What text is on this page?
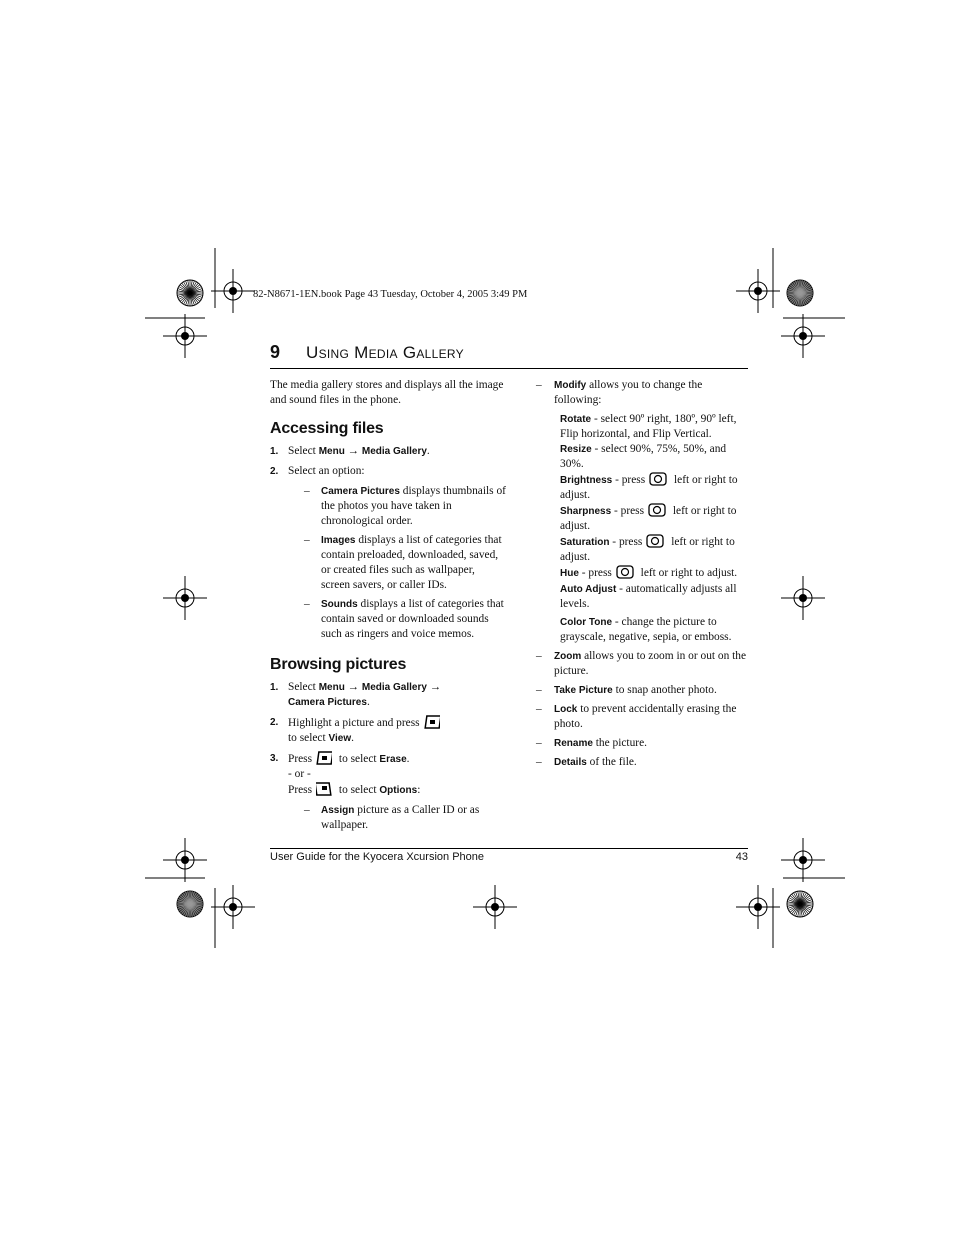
82-N8671-1EN.book Page 43 Tuesday, October 4, 2005 3:49 PM
9 Using Media Gallery

The media gallery stores and displays all the image and sound files in the phone.

Accessing files
1. Select Menu → Media Gallery.
2. Select an option:
– Camera Pictures displays thumbnails of the photos you have taken in chronological order.
– Images displays a list of categories that contain preloaded, downloaded, saved, or created files such as wallpaper, screen savers, or caller IDs.
– Sounds displays a list of categories that contain saved or downloaded sounds such as ringers and voice memos.
Browsing pictures
1. Select Menu → Media Gallery →
Camera Pictures.
2. Highlight a picture and press
to select View.
3. Press to select Erase.
- or -
Press to select Options:
– Assign picture as a Caller ID or as wallpaper.
– Modify allows you to change the following:
Rotate - select 90º right, 180º, 90º left, Flip horizontal, and Flip Vertical.
Resize - select 90%, 75%, 50%, and 30%.
Brightness - press left or right to adjust.
Sharpness - press left or right to adjust.
Saturation - press left or right to adjust.
Hue - press left or right to adjust.
Auto Adjust - automatically adjusts all levels.
Color Tone - change the picture to grayscale, negative, sepia, or emboss.
– Zoom allows you to zoom in or out on the picture.
– Take Picture to snap another photo.
– Lock to prevent accidentally erasing the photo.
– Rename the picture.
– Details of the file.
User Guide for the Kyocera Xcursion Phone	43
